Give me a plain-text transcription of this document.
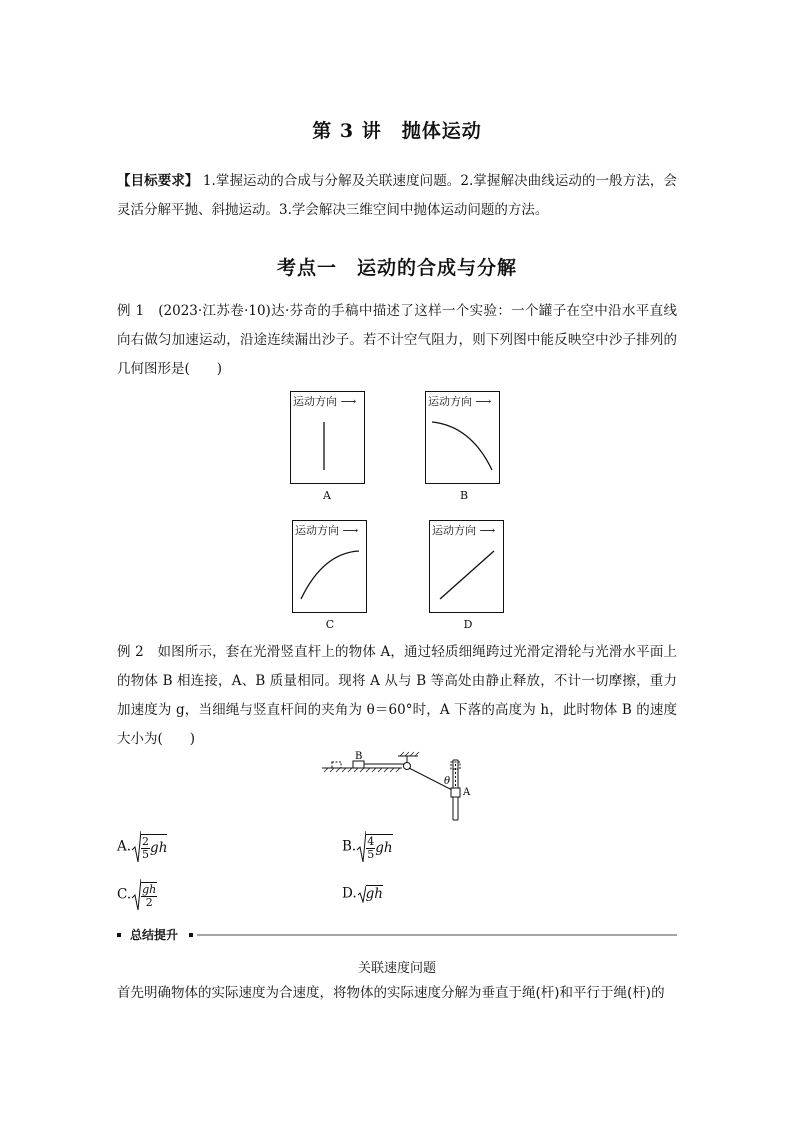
第 3 讲　抛体运动
【目标要求】 1.掌握运动的合成与分解及关联速度问题。2.掌握解决曲线运动的一般方法，会灵活分解平抛、斜抛运动。3.学会解决三维空间中抛体运动问题的方法。
考点一　运动的合成与分解
例 1　(2023·江苏卷·10)达·芬奇的手稿中描述了这样一个实验：一个罐子在空中沿水平直线向右做匀加速运动，沿途连续漏出沙子。若不计空气阻力，则下列图中能反映空中沙子排列的几何图形是(　　)
运动方向 ⟶
A
运动方向 ⟶
B
运动方向 ⟶
C
运动方向 ⟶
D
例 2　如图所示，套在光滑竖直杆上的物体 A，通过轻质细绳跨过光滑定滑轮与光滑水平面上的物体 B 相连接，A、B 质量相同。现将 A 从与 B 等高处由静止释放，不计一切摩擦，重力加速度为 g，当细绳与竖直杆间的夹角为 θ＝60°时，A 下落的高度为 h，此时物体 B 的速度大小为(　　)
B
A
θ
A. $\frac{2}{5}$ gh	B. $\frac{4}{5}$ gh
C. $\frac{gh}{2}$	D. gh
总结提升
关联速度问题
首先明确物体的实际速度为合速度，将物体的实际速度分解为垂直于绳(杆)和平行于绳(杆)的
